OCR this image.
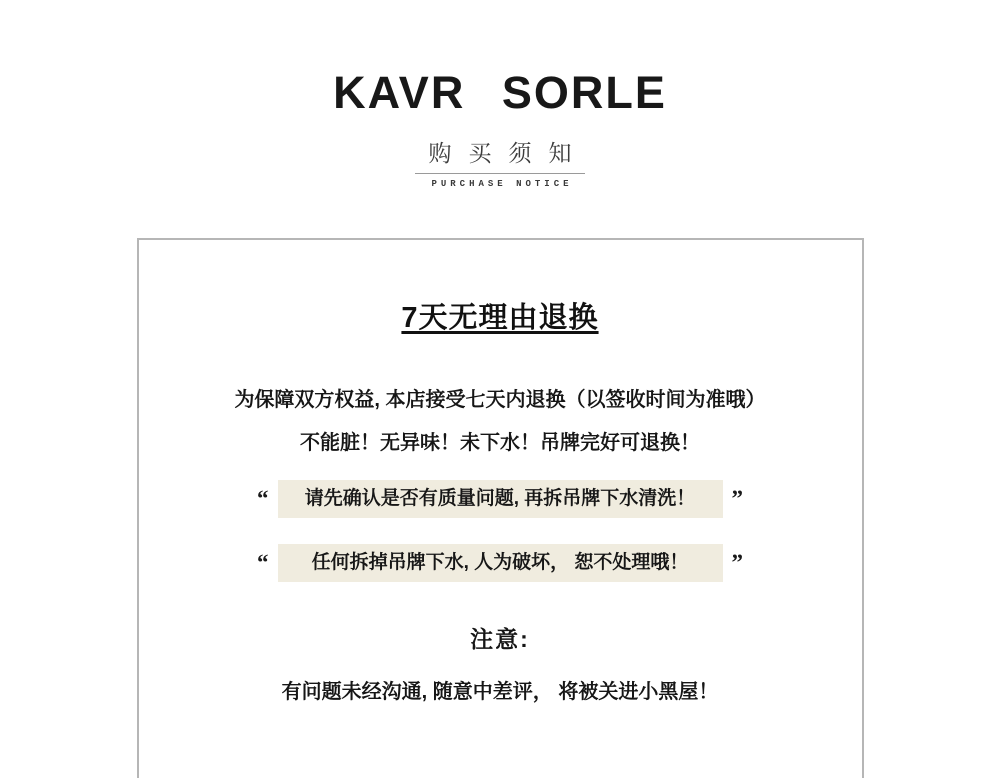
KAVR SORLE
购买须知
PURCHASE NOTICE
7天无理由退换

为保障双方权益, 本店接受七天内退换（以签收时间为准哦）

不能脏！无异味！未下水！吊牌完好可退换！

“	请先确认是否有质量问题, 再拆吊牌下水清洗！	”
“	任何拆掉吊牌下水, 人为破坏， 恕不处理哦！	”
注意:

有问题未经沟通, 随意中差评， 将被关进小黑屋！
